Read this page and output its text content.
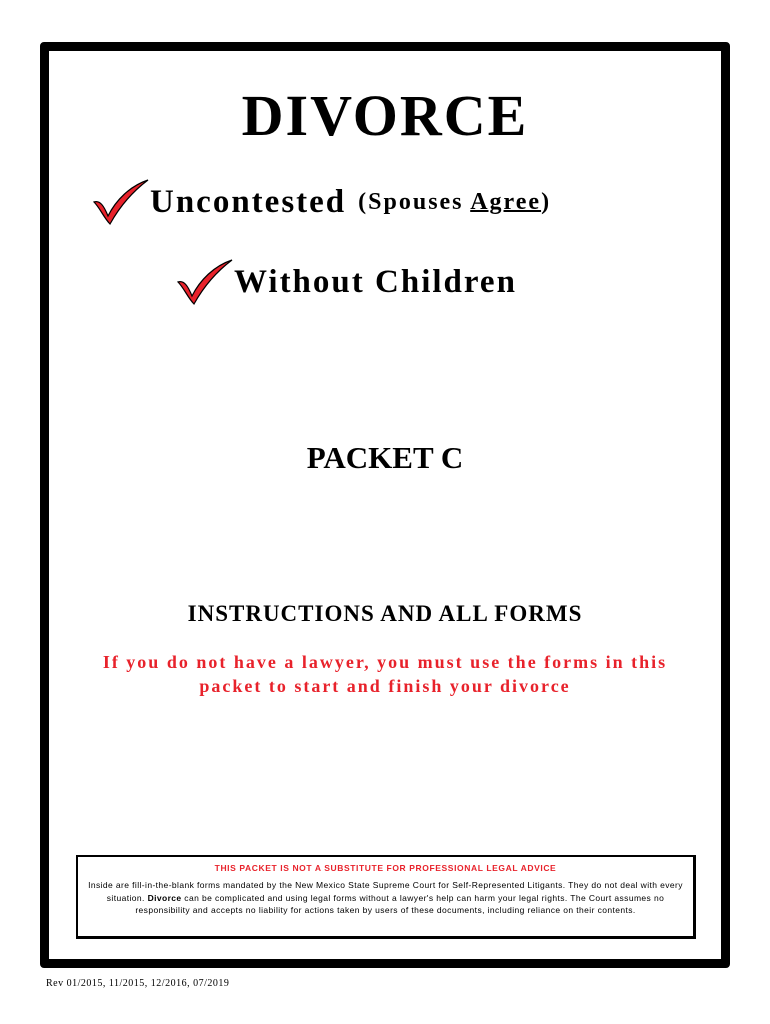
DIVORCE
Uncontested (Spouses Agree)
Without Children
PACKET C
INSTRUCTIONS AND ALL FORMS
If you do not have a lawyer, you must use the forms in this
packet to start and finish your divorce
THIS PACKET IS NOT A SUBSTITUTE FOR PROFESSIONAL LEGAL ADVICE
Inside are fill-in-the-blank forms mandated by the New Mexico State Supreme Court for Self-Represented Litigants. They do not deal with every situation. Divorce can be complicated and using legal forms without a lawyer's help can harm your legal rights. The Court assumes no responsibility and accepts no liability for actions taken by users of these documents, including reliance on their contents.
Rev 01/2015, 11/2015, 12/2016, 07/2019
